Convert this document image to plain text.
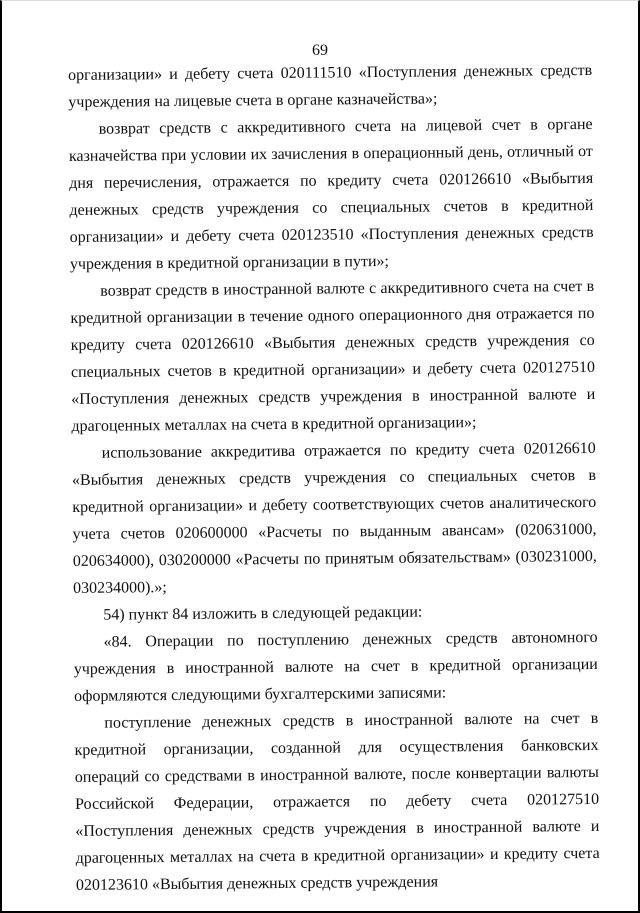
69

организации» и дебету счета 020111510 «Поступления денежных средств учреждения на лицевые счета в органе казначейства»;

возврат средств с аккредитивного счета на лицевой счет в органе казначейства при условии их зачисления в операционный день, отличный от дня перечисления, отражается по кредиту счета 020126610 «Выбытия денежных средств учреждения со специальных счетов в кредитной организации» и дебету счета 020123510 «Поступления денежных средств учреждения в кредитной организации в пути»;

возврат средств в иностранной валюте с аккредитивного счета на счет в кредитной организации в течение одного операционного дня отражается по кредиту счета 020126610 «Выбытия денежных средств учреждения со специальных счетов в кредитной организации» и дебету счета 020127510 «Поступления денежных средств учреждения в иностранной валюте и драгоценных металлах на счета в кредитной организации»;

использование аккредитива отражается по кредиту счета 020126610 «Выбытия денежных средств учреждения со специальных счетов в кредитной организации» и дебету соответствующих счетов аналитического учета счетов 020600000 «Расчеты по выданным авансам» (020631000, 020634000), 030200000 «Расчеты по принятым обязательствам» (030231000, 030234000).»;

54) пункт 84 изложить в следующей редакции:

«84. Операции по поступлению денежных средств автономного учреждения в иностранной валюте на счет в кредитной организации оформляются следующими бухгалтерскими записями:

поступление денежных средств в иностранной валюте на счет в кредитной организации, созданной для осуществления банковских операций со средствами в иностранной валюте, после конвертации валюты Российской Федерации, отражается по дебету счета 020127510 «Поступления денежных средств учреждения в иностранной валюте и драгоценных металлах на счета в кредитной организации» и кредиту счета 020123610 «Выбытия денежных средств учреждения
